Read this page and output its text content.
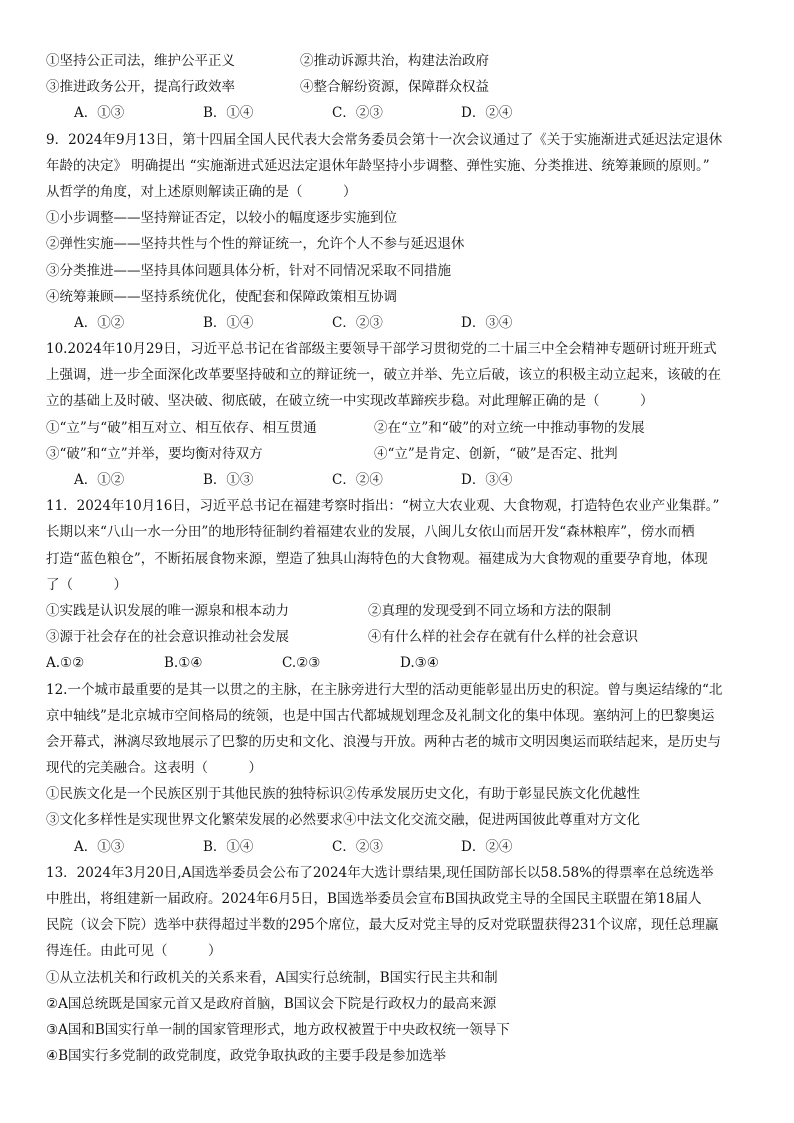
①坚持公正司法，维护公平正义	②推动诉源共治，构建法治政府
③推进政务公开，提高行政效率	④整合解纷资源，保障群众权益
A．①③	B．①④	C．②③	D．②④
9．2024年9月13日，第十四届全国人民代表大会常务委员会第十一次会议通过了《关于实施渐进式延迟法定退休
年龄的决定》 明确提出 “实施渐进式延迟法定退休年龄坚持小步调整、弹性实施、分类推进、统筹兼顾的原则。”
从哲学的角度，对上述原则解读正确的是（　　　）
①小步调整——坚持辩证否定，以较小的幅度逐步实施到位
②弹性实施——坚持共性与个性的辩证统一，允许个人不参与延迟退休
③分类推进——坚持具体问题具体分析，针对不同情况采取不同措施
④统筹兼顾——坚持系统优化，使配套和保障政策相互协调
A．①②	B．①④	C．②③	D．③④
10.2024年10月29日，习近平总书记在省部级主要领导干部学习贯彻党的二十届三中全会精神专题研讨班开班式
上强调，进一步全面深化改革要坚持破和立的辩证统一，破立并举、先立后破，该立的积极主动立起来，该破的在
立的基础上及时破、坚决破、彻底破，在破立统一中实现改革蹄疾步稳。对此理解正确的是（　　　）
①“立”与“破”相互对立、相互依存、相互贯通	②在“立”和“破”的对立统一中推动事物的发展
③“破”和“立”并举，要均衡对待双方	④“立”是肯定、创新，“破”是否定、批判
A．①②	B．①③	C．②④	D．③④
11．2024年10月16日，习近平总书记在福建考察时指出：“树立大农业观、大食物观，打造特色农业产业集群。”
长期以来“八山一水一分田”的地形特征制约着福建农业的发展，八闽儿女依山而居开发“森林粮库”，傍水而栖
打造“蓝色粮仓”，不断拓展食物来源，塑造了独具山海特色的大食物观。福建成为大食物观的重要孕育地，体现
了（　　　）
①实践是认识发展的唯一源泉和根本动力	②真理的发现受到不同立场和方法的限制
③源于社会存在的社会意识推动社会发展	④有什么样的社会存在就有什么样的社会意识
A.①②	B.①④	C.②③	D.③④
12.一个城市最重要的是其一以贯之的主脉，在主脉旁进行大型的活动更能彰显出历史的积淀。曾与奥运结缘的“北
京中轴线”是北京城市空间格局的统领，也是中国古代都城规划理念及礼制文化的集中体现。塞纳河上的巴黎奥运
会开幕式，淋漓尽致地展示了巴黎的历史和文化、浪漫与开放。两种古老的城市文明因奥运而联结起来，是历史与
现代的完美融合。这表明（　　　）
①民族文化是一个民族区别于其他民族的独特标识②传承发展历史文化，有助于彰显民族文化优越性
③文化多样性是实现世界文化繁荣发展的必然要求④中法文化交流交融，促进两国彼此尊重对方文化
A．①③	B．①④	C．②③	D．②④
13．2024年3月20日,A国选举委员会公布了2024年大选计票结果,现任国防部长以58.58%的得票率在总统选举
中胜出，将组建新一届政府。2024年6月5日，B国选举委员会宣布B国执政党主导的全国民主联盟在第18届人
民院（议会下院）选举中获得超过半数的295个席位，最大反对党主导的反对党联盟获得231个议席，现任总理赢
得连任。由此可见（　　　）
①从立法机关和行政机关的关系来看，A国实行总统制，B国实行民主共和制
②A国总统既是国家元首又是政府首脑，B国议会下院是行政权力的最高来源
③A国和B国实行单一制的国家管理形式，地方政权被置于中央政权统一领导下
④B国实行多党制的政党制度，政党争取执政的主要手段是参加选举
